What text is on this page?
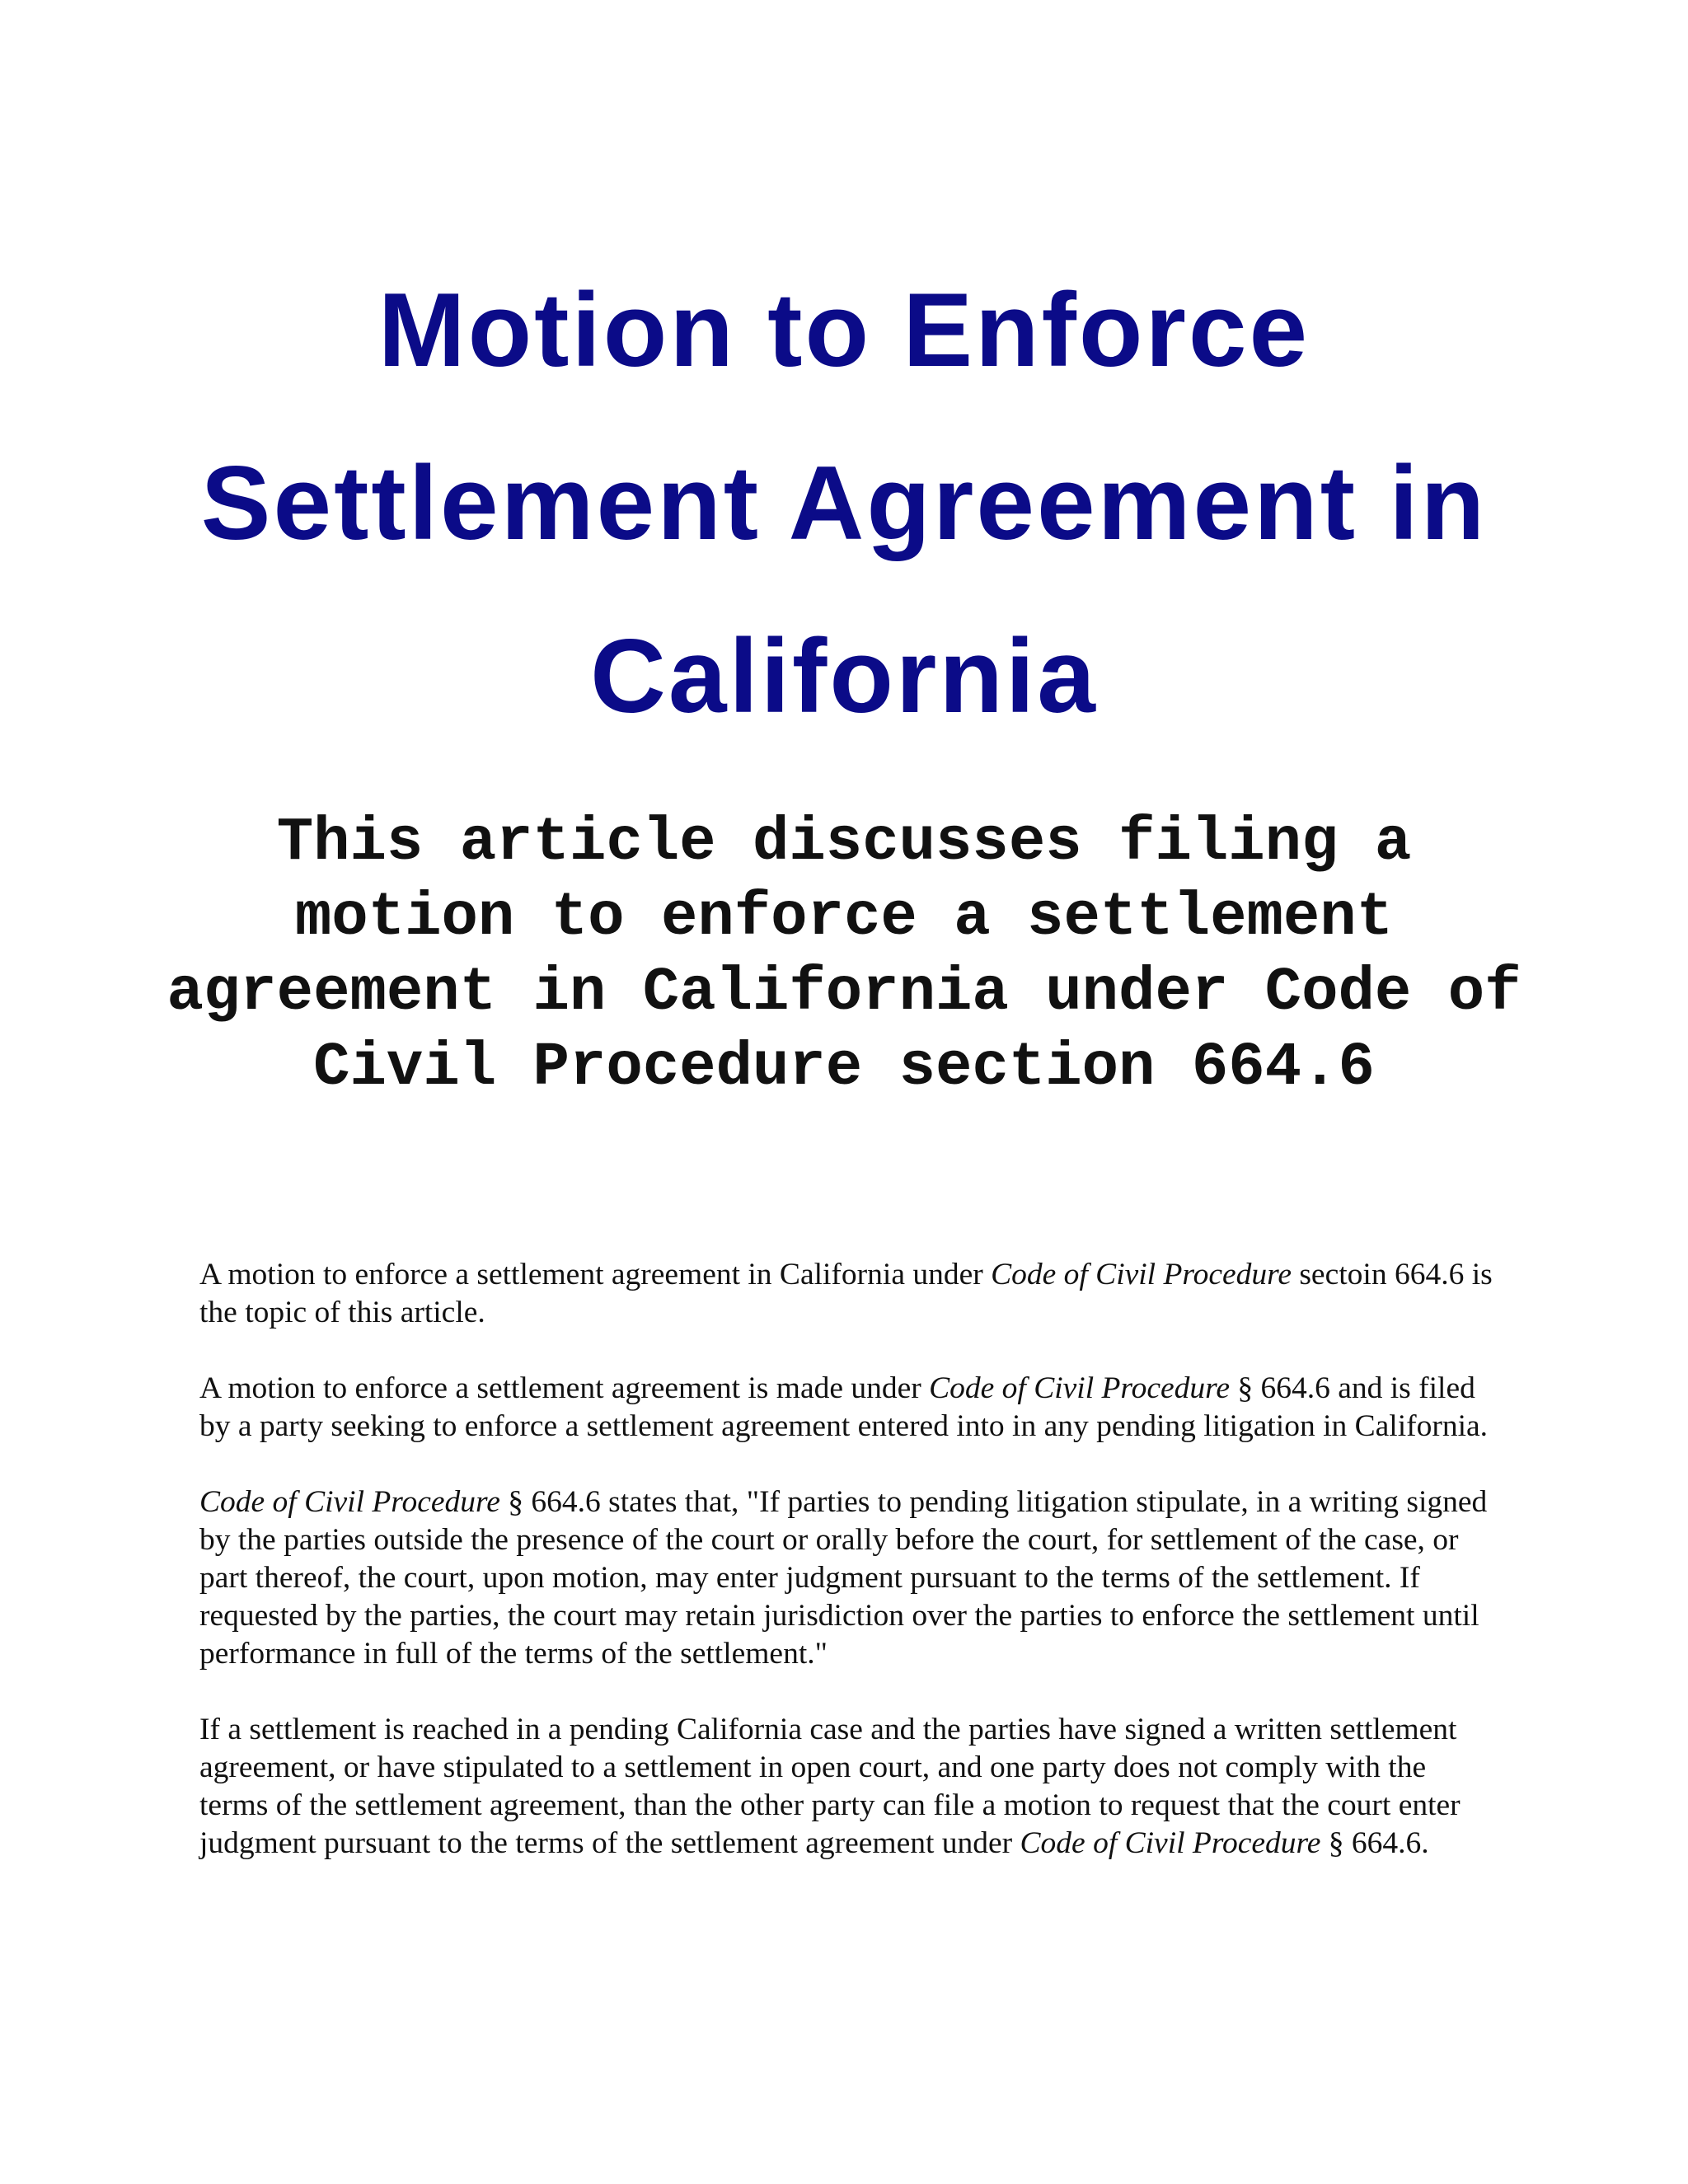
Motion to Enforce Settlement Agreement in California
This article discusses filing a motion to enforce a settlement agreement in California under Code of Civil Procedure section 664.6

A motion to enforce a settlement agreement in California under Code of Civil Procedure sectoin 664.6 is the topic of this article.

A motion to enforce a settlement agreement is made under Code of Civil Procedure § 664.6 and is filed by a party seeking to enforce a settlement agreement entered into in any pending litigation in California.

Code of Civil Procedure § 664.6 states that, "If parties to pending litigation stipulate, in a writing signed by the parties outside the presence of the court or orally before the court, for settlement of the case, or part thereof, the court, upon motion, may enter judgment pursuant to the terms of the settlement. If requested by the parties, the court may retain jurisdiction over the parties to enforce the settlement until performance in full of the terms of the settlement."

If a settlement is reached in a pending California case and the parties have signed a written settlement agreement, or have stipulated to a settlement in open court, and one party does not comply with the terms of the settlement agreement, than the other party can file a motion to request that the court enter judgment pursuant to the terms of the settlement agreement under Code of Civil Procedure § 664.6.
